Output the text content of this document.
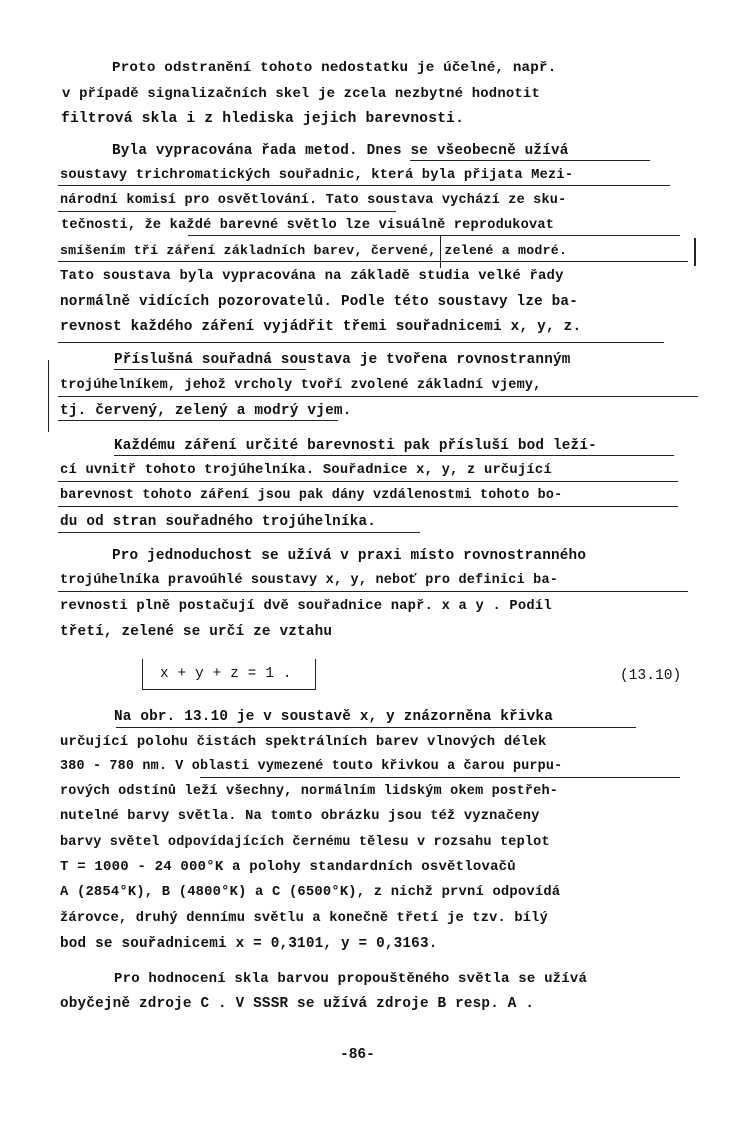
Proto odstranění tohoto nedostatku je účelné, např.
v případě signalizačních skel je zcela nezbytné hodnotit
filtrová skla i z hlediska jejich barevnosti.
Byla vypracována řada metod. Dnes se všeobecně užívá
soustavy trichromatických souřadnic, která byla přijata Mezi-
národní komisí pro osvětlování. Tato soustava vychází ze sku-
tečnosti, že každé barevné světlo lze visuálně reprodukovat
smíšením tří záření základních barev, červené, zelené a modré.
Tato soustava byla vypracována na základě studia velké řady
normálně vidících pozorovatelů. Podle této soustavy lze ba-
revnost každého záření vyjádřit třemi souřadnicemi x, y, z.
Příslušná souřadná soustava je tvořena rovnostranným
trojúhelníkem, jehož vrcholy tvoří zvolené základní vjemy,
tj. červený, zelený a modrý vjem.
Každému záření určité barevnosti pak přísluší bod leží-
cí uvnitř tohoto trojúhelníka. Souřadnice x, y, z určující
barevnost tohoto záření jsou pak dány vzdálenostmi tohoto bo-
du od stran souřadného trojúhelníka.
Pro jednoduchost se užívá v praxi místo rovnostranného
trojúhelníka pravoúhlé soustavy x, y, neboť pro definici ba-
revnosti plně postačují dvě souřadnice např. x a y . Podíl
třetí, zelené se určí ze vztahu
x + y + z = 1 .	(13.10)
Na obr. 13.10 je v soustavě x, y znázorněna křivka
určující polohu čistách spektrálních barev vlnových délek
380 - 780 nm. V oblasti vymezené touto křivkou a čarou purpu-
rových odstínů leží všechny, normálním lidským okem postřeh-
nutelné barvy světla. Na tomto obrázku jsou též vyznačeny
barvy světel odpovídajících černému tělesu v rozsahu teplot
T = 1000 - 24 000°K a polohy standardních osvětlovačů
A (2854°K), B (4800°K) a C (6500°K), z nichž první odpovídá
žárovce, druhý dennímu světlu a konečně třetí je tzv. bílý
bod se souřadnicemi x = 0,3101, y = 0,3163.
Pro hodnocení skla barvou propouštěného světla se užívá
obyčejně zdroje C . V SSSR se užívá zdroje B resp. A .
-86-
